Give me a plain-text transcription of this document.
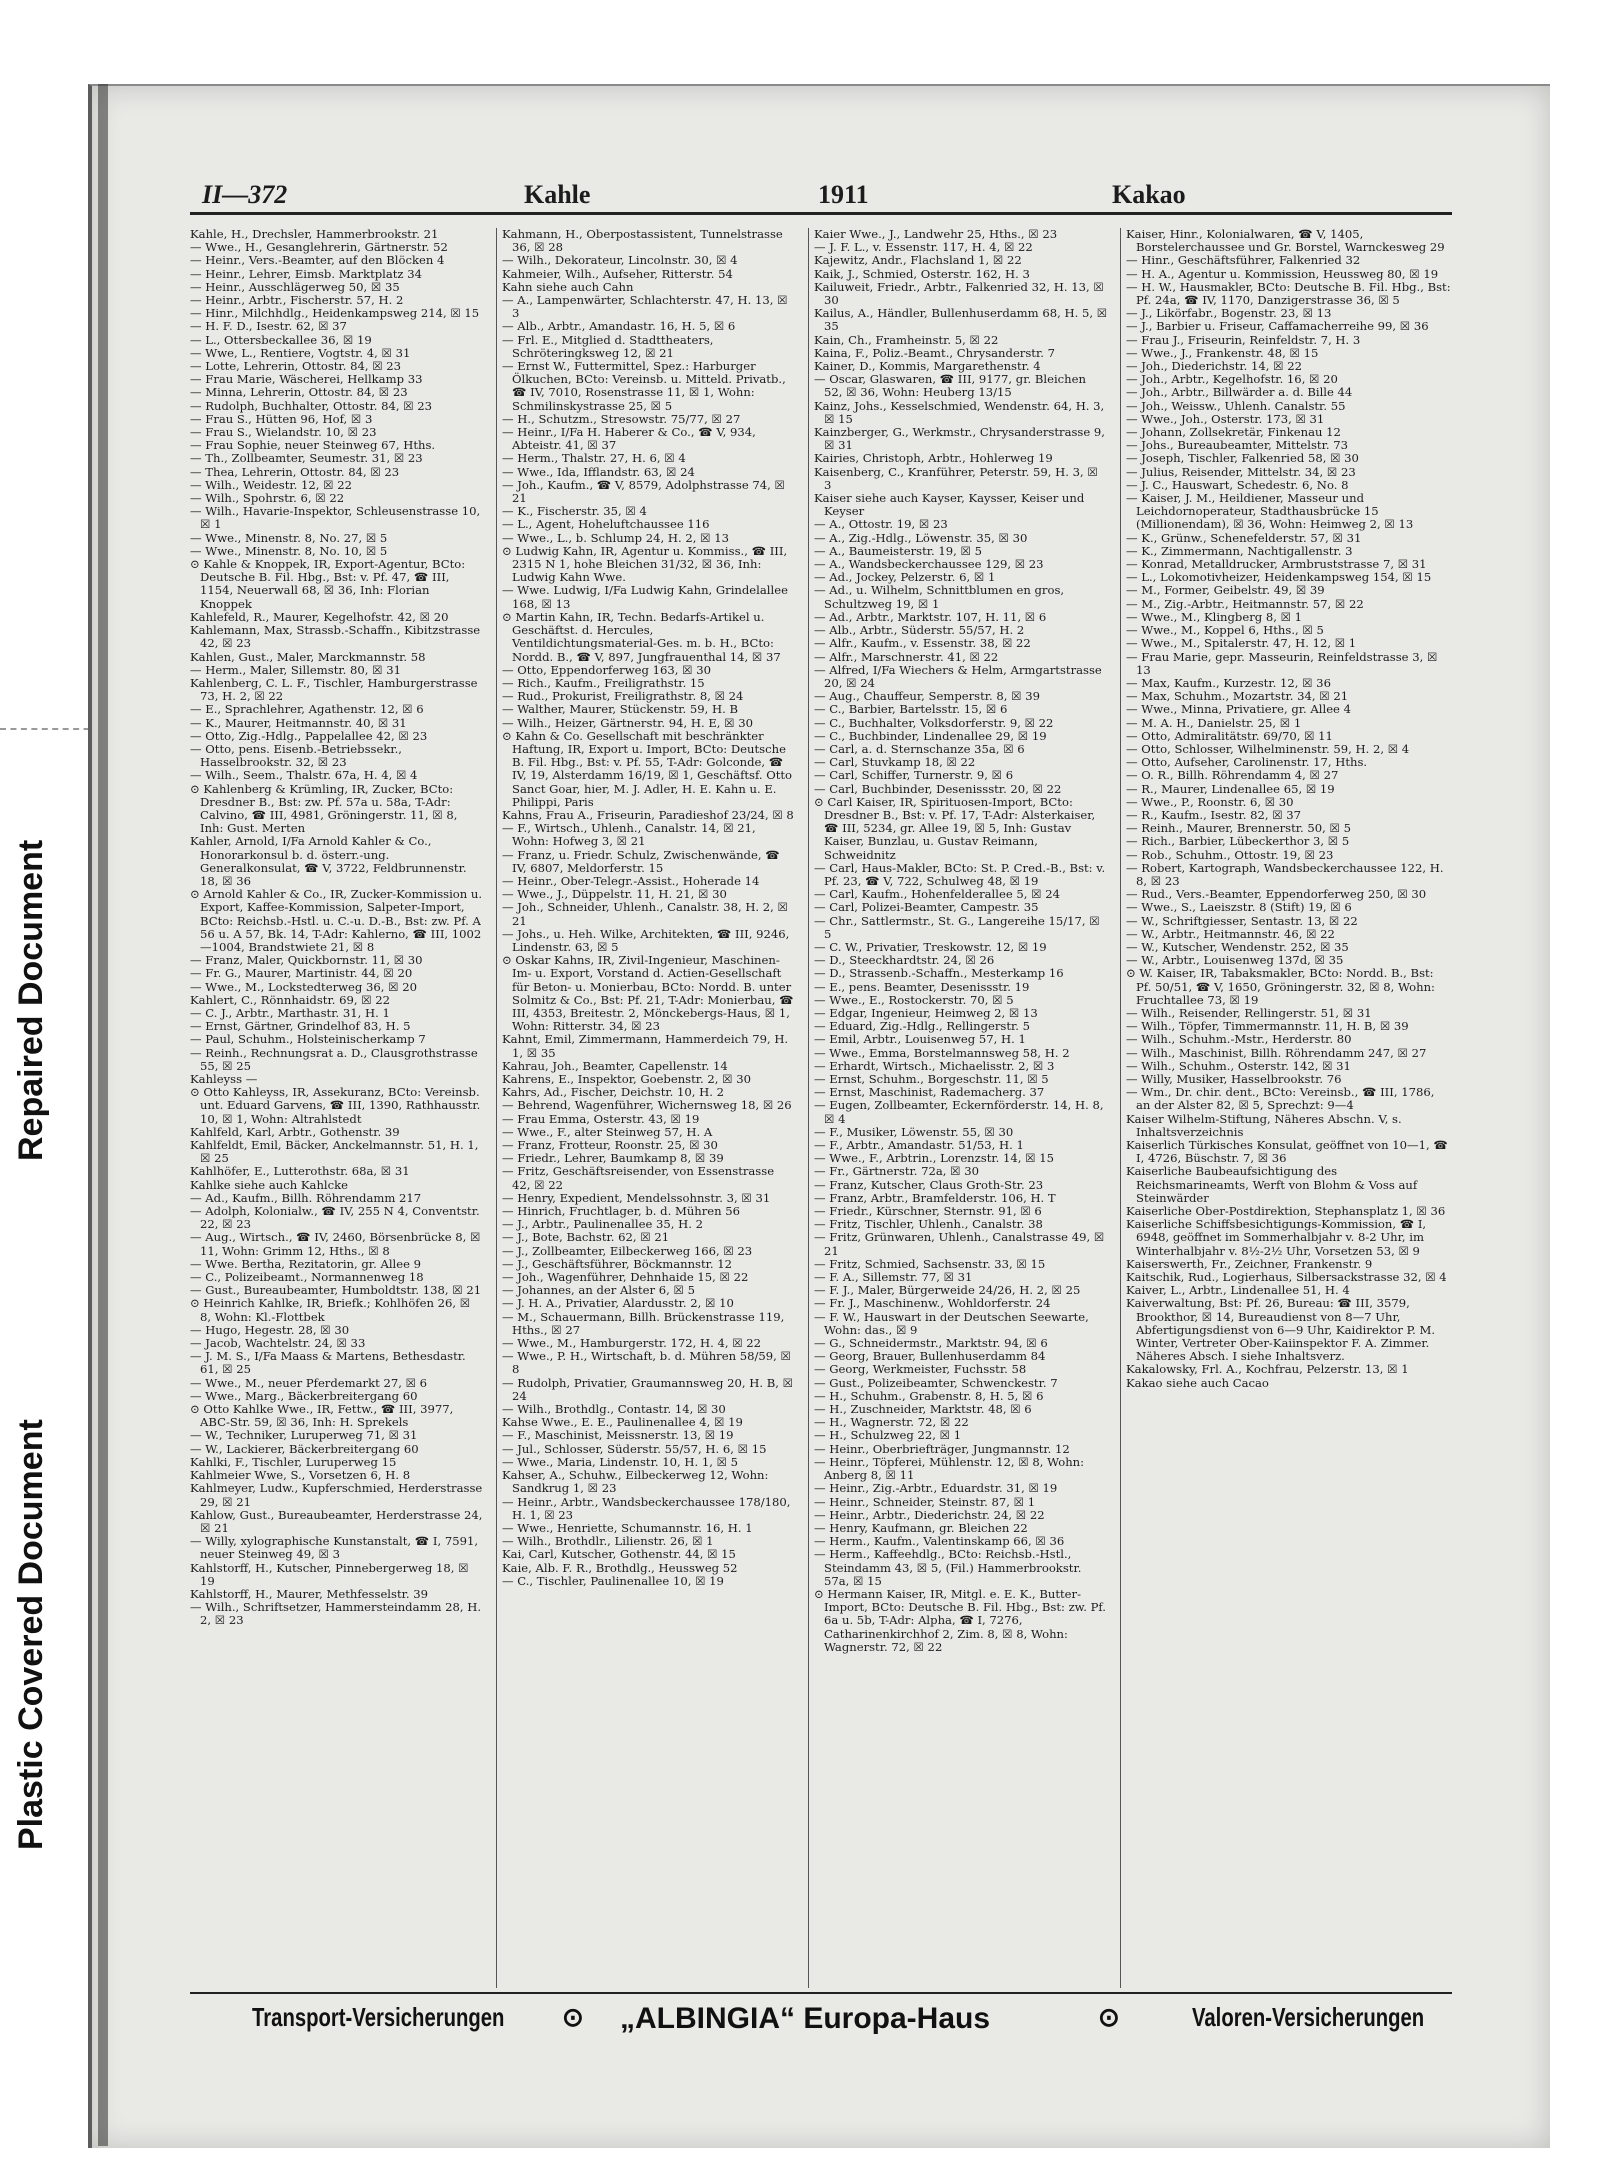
Repaired Document
Plastic Covered Document
II—372	Kahle	1911	Kakao

Kahle, H., Drechsler, Hammerbrookstr. 21

— Wwe., H., Gesanglehrerin, Gärtnerstr. 52

— Heinr., Vers.-Beamter, auf den Blöcken 4

— Heinr., Lehrer, Eimsb. Marktplatz 34

— Heinr., Ausschlägerweg 50, ☒ 35

— Heinr., Arbtr., Fischerstr. 57, H. 2

— Hinr., Milchhdlg., Heidenkampsweg 214, ☒ 15

— H. F. D., Isestr. 62, ☒ 37

— L., Ottersbeckallee 36, ☒ 19

— Wwe, L., Rentiere, Vogtstr. 4, ☒ 31

— Lotte, Lehrerin, Ottostr. 84, ☒ 23

— Frau Marie, Wäscherei, Hellkamp 33

— Minna, Lehrerin, Ottostr. 84, ☒ 23

— Rudolph, Buchhalter, Ottostr. 84, ☒ 23

— Frau S., Hütten 96, Hof, ☒ 3

— Frau S., Wielandstr. 10, ☒ 23

— Frau Sophie, neuer Steinweg 67, Hths.

— Th., Zollbeamter, Seumestr. 31, ☒ 23

— Thea, Lehrerin, Ottostr. 84, ☒ 23

— Wilh., Weidestr. 12, ☒ 22

— Wilh., Spohrstr. 6, ☒ 22

— Wilh., Havarie-Inspektor, Schleusenstrasse 10, ☒ 1

— Wwe., Minenstr. 8, No. 27, ☒ 5

— Wwe., Minenstr. 8, No. 10, ☒ 5

⊙ Kahle & Knoppek, IR, Export-Agentur, BCto: Deutsche B. Fil. Hbg., Bst: v. Pf. 47, ☎ III, 1154, Neuerwall 68, ☒ 36, Inh: Florian Knoppek

Kahlefeld, R., Maurer, Kegelhofstr. 42, ☒ 20

Kahlemann, Max, Strassb.-Schaffn., Kibitzstrasse 42, ☒ 23

Kahlen, Gust., Maler, Marckmannstr. 58

— Herm., Maler, Sillemstr. 80, ☒ 31

Kahlenberg, C. L. F., Tischler, Hamburgerstrasse 73, H. 2, ☒ 22

— E., Sprachlehrer, Agathenstr. 12, ☒ 6

— K., Maurer, Heitmannstr. 40, ☒ 31

— Otto, Zig.-Hdlg., Pappelallee 42, ☒ 23

— Otto, pens. Eisenb.-Betriebssekr., Hasselbrookstr. 32, ☒ 23

— Wilh., Seem., Thalstr. 67a, H. 4, ☒ 4

⊙ Kahlenberg & Krümling, IR, Zucker, BCto: Dresdner B., Bst: zw. Pf. 57a u. 58a, T-Adr: Calvino, ☎ III, 4981, Gröningerstr. 11, ☒ 8, Inh: Gust. Merten

Kahler, Arnold, I/Fa Arnold Kahler & Co., Honorarkonsul b. d. österr.-ung. Generalkonsulat, ☎ V, 3722, Feldbrunnenstr. 18, ☒ 36

⊙ Arnold Kahler & Co., IR, Zucker-Kommission u. Export, Kaffee-Kommission, Salpeter-Import, BCto: Reichsb.-Hstl. u. C.-u. D.-B., Bst: zw. Pf. A 56 u. A 57, Bk. 14, T-Adr: Kahlerno, ☎ III, 1002—1004, Brandstwiete 21, ☒ 8

— Franz, Maler, Quickbornstr. 11, ☒ 30

— Fr. G., Maurer, Martinistr. 44, ☒ 20

— Wwe., M., Lockstedterweg 36, ☒ 20

Kahlert, C., Rönnhaidstr. 69, ☒ 22

— C. J., Arbtr., Marthastr. 31, H. 1

— Ernst, Gärtner, Grindelhof 83, H. 5

— Paul, Schuhm., Holsteinischerkamp 7

— Reinh., Rechnungsrat a. D., Clausgrothstrasse 55, ☒ 25

Kahleyss —

⊙ Otto Kahleyss, IR, Assekuranz, BCto: Vereinsb. unt. Eduard Garvens, ☎ III, 1390, Rathhausstr. 10, ☒ 1, Wohn: Altrahlstedt

Kahlfeld, Karl, Arbtr., Gothenstr. 39

Kahlfeldt, Emil, Bäcker, Anckelmannstr. 51, H. 1, ☒ 25

Kahlhöfer, E., Lutterothstr. 68a, ☒ 31

Kahlke siehe auch Kahlcke

— Ad., Kaufm., Billh. Röhrendamm 217

— Adolph, Kolonialw., ☎ IV, 255 N 4, Conventstr. 22, ☒ 23

— Aug., Wirtsch., ☎ IV, 2460, Börsenbrücke 8, ☒ 11, Wohn: Grimm 12, Hths., ☒ 8

— Wwe. Bertha, Rezitatorin, gr. Allee 9

— C., Polizeibeamt., Normannenweg 18

— Gust., Bureaubeamter, Humboldtstr. 138, ☒ 21

⊙ Heinrich Kahlke, IR, Briefk.; Kohlhöfen 26, ☒ 8, Wohn: Kl.-Flottbek

— Hugo, Hegestr. 28, ☒ 30

— Jacob, Wachtelstr. 24, ☒ 33

— J. M. S., I/Fa Maass & Martens, Bethesdastr. 61, ☒ 25

— Wwe., M., neuer Pferdemarkt 27, ☒ 6

— Wwe., Marg., Bäckerbreitergang 60

⊙ Otto Kahlke Wwe., IR, Fettw., ☎ III, 3977, ABC-Str. 59, ☒ 36, Inh: H. Sprekels

— W., Techniker, Luruperweg 71, ☒ 31

— W., Lackierer, Bäckerbreitergang 60

Kahlki, F., Tischler, Luruperweg 15

Kahlmeier Wwe, S., Vorsetzen 6, H. 8

Kahlmeyer, Ludw., Kupferschmied, Herderstrasse 29, ☒ 21

Kahlow, Gust., Bureaubeamter, Herderstrasse 24, ☒ 21

— Willy, xylographische Kunstanstalt, ☎ I, 7591, neuer Steinweg 49, ☒ 3

Kahlstorff, H., Kutscher, Pinnebergerweg 18, ☒ 19

Kahlstorff, H., Maurer, Methfesselstr. 39

— Wilh., Schriftsetzer, Hammersteindamm 28, H. 2, ☒ 23

Kahmann, H., Oberpostassistent, Tunnelstrasse 36, ☒ 28

— Wilh., Dekorateur, Lincolnstr. 30, ☒ 4

Kahmeier, Wilh., Aufseher, Ritterstr. 54

Kahn siehe auch Cahn

— A., Lampenwärter, Schlachterstr. 47, H. 13, ☒ 3

— Alb., Arbtr., Amandastr. 16, H. 5, ☒ 6

— Frl. E., Mitglied d. Stadttheaters, Schröteringksweg 12, ☒ 21

— Ernst W., Futtermittel, Spez.: Harburger Ölkuchen, BCto: Vereinsb. u. Mitteld. Privatb., ☎ IV, 7010, Rosenstrasse 11, ☒ 1, Wohn: Schmilinskystrasse 25, ☒ 5

— H., Schutzm., Stresowstr. 75/77, ☒ 27

— Heinr., I/Fa H. Haberer & Co., ☎ V, 934, Abteistr. 41, ☒ 37

— Herm., Thalstr. 27, H. 6, ☒ 4

— Wwe., Ida, Ifflandstr. 63, ☒ 24

— Joh., Kaufm., ☎ V, 8579, Adolphstrasse 74, ☒ 21

— K., Fischerstr. 35, ☒ 4

— L., Agent, Hoheluftchaussee 116

— Wwe., L., b. Schlump 24, H. 2, ☒ 13

⊙ Ludwig Kahn, IR, Agentur u. Kommiss., ☎ III, 2315 N 1, hohe Bleichen 31/32, ☒ 36, Inh: Ludwig Kahn Wwe.

— Wwe. Ludwig, I/Fa Ludwig Kahn, Grindelallee 168, ☒ 13

⊙ Martin Kahn, IR, Techn. Bedarfs-Artikel u. Geschäftst. d. Hercules, Ventildichtungsmaterial-Ges. m. b. H., BCto: Nordd. B., ☎ V, 897, Jungfrauenthal 14, ☒ 37

— Otto, Eppendorferweg 163, ☒ 30

— Rich., Kaufm., Freiligrathstr. 15

— Rud., Prokurist, Freiligrathstr. 8, ☒ 24

— Walther, Maurer, Stückenstr. 59, H. B

— Wilh., Heizer, Gärtnerstr. 94, H. E, ☒ 30

⊙ Kahn & Co. Gesellschaft mit beschränkter Haftung, IR, Export u. Import, BCto: Deutsche B. Fil. Hbg., Bst: v. Pf. 55, T-Adr: Golconde, ☎ IV, 19, Alsterdamm 16/19, ☒ 1, Geschäftsf. Otto Sanct Goar, hier, M. J. Adler, H. E. Kahn u. E. Philippi, Paris

Kahns, Frau A., Friseurin, Paradieshof 23/24, ☒ 8

— F., Wirtsch., Uhlenh., Canalstr. 14, ☒ 21, Wohn: Hofweg 3, ☒ 21

— Franz, u. Friedr. Schulz, Zwischenwände, ☎ IV, 6807, Meldorferstr. 15

— Heinr., Ober-Telegr.-Assist., Hoherade 14

— Wwe., J., Düppelstr. 11, H. 21, ☒ 30

— Joh., Schneider, Uhlenh., Canalstr. 38, H. 2, ☒ 21

— Johs., u. Heh. Wilke, Architekten, ☎ III, 9246, Lindenstr. 63, ☒ 5

⊙ Oskar Kahns, IR, Zivil-Ingenieur, Maschinen-Im- u. Export, Vorstand d. Actien-Gesellschaft für Beton- u. Monierbau, BCto: Nordd. B. unter Solmitz & Co., Bst: Pf. 21, T-Adr: Monierbau, ☎ III, 4353, Breitestr. 2, Mönckebergs-Haus, ☒ 1, Wohn: Ritterstr. 34, ☒ 23

Kahnt, Emil, Zimmermann, Hammerdeich 79, H. 1, ☒ 35

Kahrau, Joh., Beamter, Capellenstr. 14

Kahrens, E., Inspektor, Goebenstr. 2, ☒ 30

Kahrs, Ad., Fischer, Deichstr. 10, H. 2

— Behrend, Wagenführer, Wichernsweg 18, ☒ 26

— Frau Emma, Osterstr. 43, ☒ 19

— Wwe., F., alter Steinweg 57, H. A

— Franz, Frotteur, Roonstr. 25, ☒ 30

— Friedr., Lehrer, Baumkamp 8, ☒ 39

— Fritz, Geschäftsreisender, von Essenstrasse 42, ☒ 22

— Henry, Expedient, Mendelssohnstr. 3, ☒ 31

— Hinrich, Fruchtlager, b. d. Mühren 56

— J., Arbtr., Paulinenallee 35, H. 2

— J., Bote, Bachstr. 62, ☒ 21

— J., Zollbeamter, Eilbeckerweg 166, ☒ 23

— J., Geschäftsführer, Böckmannstr. 12

— Joh., Wagenführer, Dehnhaide 15, ☒ 22

— Johannes, an der Alster 6, ☒ 5

— J. H. A., Privatier, Alardusstr. 2, ☒ 10

— M., Schauermann, Billh. Brückenstrasse 119, Hths., ☒ 27

— Wwe., M., Hamburgerstr. 172, H. 4, ☒ 22

— Wwe., P. H., Wirtschaft, b. d. Mühren 58/59, ☒ 8

— Rudolph, Privatier, Graumannsweg 20, H. B, ☒ 24

— Wilh., Brothdlg., Contastr. 14, ☒ 30

Kahse Wwe., E. E., Paulinenallee 4, ☒ 19

— F., Maschinist, Meissnerstr. 13, ☒ 19

— Jul., Schlosser, Süderstr. 55/57, H. 6, ☒ 15

— Wwe., Maria, Lindenstr. 10, H. 1, ☒ 5

Kahser, A., Schuhw., Eilbeckerweg 12, Wohn: Sandkrug 1, ☒ 23

— Heinr., Arbtr., Wandsbeckerchaussee 178/180, H. 1, ☒ 23

— Wwe., Henriette, Schumannstr. 16, H. 1

— Wilh., Brothdlr., Lilienstr. 26, ☒ 1

Kai, Carl, Kutscher, Gothenstr. 44, ☒ 15

Kaie, Alb. F. R., Brothdlg., Heussweg 52

— C., Tischler, Paulinenallee 10, ☒ 19

Kaier Wwe., J., Landwehr 25, Hths., ☒ 23

— J. F. L., v. Essenstr. 117, H. 4, ☒ 22

Kajewitz, Andr., Flachsland 1, ☒ 22

Kaik, J., Schmied, Osterstr. 162, H. 3

Kailuweit, Friedr., Arbtr., Falkenried 32, H. 13, ☒ 30

Kailus, A., Händler, Bullenhuserdamm 68, H. 5, ☒ 35

Kain, Ch., Framheinstr. 5, ☒ 22

Kaina, F., Poliz.-Beamt., Chrysanderstr. 7

Kainer, D., Kommis, Margarethenstr. 4

— Oscar, Glaswaren, ☎ III, 9177, gr. Bleichen 52, ☒ 36, Wohn: Heuberg 13/15

Kainz, Johs., Kesselschmied, Wendenstr. 64, H. 3, ☒ 15

Kainzberger, G., Werkmstr., Chrysanderstrasse 9, ☒ 31

Kairies, Christoph, Arbtr., Hohlerweg 19

Kaisenberg, C., Kranführer, Peterstr. 59, H. 3, ☒ 3

Kaiser siehe auch Kayser, Kaysser, Keiser und Keyser

— A., Ottostr. 19, ☒ 23

— A., Zig.-Hdlg., Löwenstr. 35, ☒ 30

— A., Baumeisterstr. 19, ☒ 5

— A., Wandsbeckerchaussee 129, ☒ 23

— Ad., Jockey, Pelzerstr. 6, ☒ 1

— Ad., u. Wilhelm, Schnittblumen en gros, Schultzweg 19, ☒ 1

— Ad., Arbtr., Marktstr. 107, H. 11, ☒ 6

— Alb., Arbtr., Süderstr. 55/57, H. 2

— Alfr., Kaufm., v. Essenstr. 38, ☒ 22

— Alfr., Marschnerstr. 41, ☒ 22

— Alfred, I/Fa Wiechers & Helm, Armgartstrasse 20, ☒ 24

— Aug., Chauffeur, Semperstr. 8, ☒ 39

— C., Barbier, Bartelsstr. 15, ☒ 6

— C., Buchhalter, Volksdorferstr. 9, ☒ 22

— C., Buchbinder, Lindenallee 29, ☒ 19

— Carl, a. d. Sternschanze 35a, ☒ 6

— Carl, Stuvkamp 18, ☒ 22

— Carl, Schiffer, Turnerstr. 9, ☒ 6

— Carl, Buchbinder, Desenissstr. 20, ☒ 22

⊙ Carl Kaiser, IR, Spirituosen-Import, BCto: Dresdner B., Bst: v. Pf. 17, T-Adr: Alsterkaiser, ☎ III, 5234, gr. Allee 19, ☒ 5, Inh: Gustav Kaiser, Bunzlau, u. Gustav Reimann, Schweidnitz

— Carl, Haus-Makler, BCto: St. P. Cred.-B., Bst: v. Pf. 23, ☎ V, 722, Schulweg 48, ☒ 19

— Carl, Kaufm., Hohenfelderallee 5, ☒ 24

— Carl, Polizei-Beamter, Campestr. 35

— Chr., Sattlermstr., St. G., Langereihe 15/17, ☒ 5

— C. W., Privatier, Treskowstr. 12, ☒ 19

— D., Steeckhardtstr. 24, ☒ 26

— D., Strassenb.-Schaffn., Mesterkamp 16

— E., pens. Beamter, Desenissstr. 19

— Wwe., E., Rostockerstr. 70, ☒ 5

— Edgar, Ingenieur, Heimweg 2, ☒ 13

— Eduard, Zig.-Hdlg., Rellingerstr. 5

— Emil, Arbtr., Louisenweg 57, H. 1

— Wwe., Emma, Borstelmannsweg 58, H. 2

— Erhardt, Wirtsch., Michaelisstr. 2, ☒ 3

— Ernst, Schuhm., Borgeschstr. 11, ☒ 5

— Ernst, Maschinist, Rademacherg. 37

— Eugen, Zollbeamter, Eckernförderstr. 14, H. 8, ☒ 4

— F., Musiker, Löwenstr. 55, ☒ 30

— F., Arbtr., Amandastr. 51/53, H. 1

— Wwe., F., Arbtrin., Lorenzstr. 14, ☒ 15

— Fr., Gärtnerstr. 72a, ☒ 30

— Franz, Kutscher, Claus Groth-Str. 23

— Franz, Arbtr., Bramfelderstr. 106, H. T

— Friedr., Kürschner, Sternstr. 91, ☒ 6

— Fritz, Tischler, Uhlenh., Canalstr. 38

— Fritz, Grünwaren, Uhlenh., Canalstrasse 49, ☒ 21

— Fritz, Schmied, Sachsenstr. 33, ☒ 15

— F. A., Sillemstr. 77, ☒ 31

— F. J., Maler, Bürgerweide 24/26, H. 2, ☒ 25

— Fr. J., Maschinenw., Wohldorferstr. 24

— F. W., Hauswart in der Deutschen Seewarte, Wohn: das., ☒ 9

— G., Schneidermstr., Marktstr. 94, ☒ 6

— Georg, Brauer, Bullenhuserdamm 84

— Georg, Werkmeister, Fuchsstr. 58

— Gust., Polizeibeamter, Schwenckestr. 7

— H., Schuhm., Grabenstr. 8, H. 5, ☒ 6

— H., Zuschneider, Marktstr. 48, ☒ 6

— H., Wagnerstr. 72, ☒ 22

— H., Schulzweg 22, ☒ 1

— Heinr., Oberbriefträger, Jungmannstr. 12

— Heinr., Töpferei, Mühlenstr. 12, ☒ 8, Wohn: Anberg 8, ☒ 11

— Heinr., Zig.-Arbtr., Eduardstr. 31, ☒ 19

— Heinr., Schneider, Steinstr. 87, ☒ 1

— Heinr., Arbtr., Diederichstr. 24, ☒ 22

— Henry, Kaufmann, gr. Bleichen 22

— Herm., Kaufm., Valentinskamp 66, ☒ 36

— Herm., Kaffeehdlg., BCto: Reichsb.-Hstl., Steindamm 43, ☒ 5, (Fil.) Hammerbrookstr. 57a, ☒ 15

⊙ Hermann Kaiser, IR, Mitgl. e. E. K., Butter-Import, BCto: Deutsche B. Fil. Hbg., Bst: zw. Pf. 6a u. 5b, T-Adr: Alpha, ☎ I, 7276, Catharinenkirchhof 2, Zim. 8, ☒ 8, Wohn: Wagnerstr. 72, ☒ 22

Kaiser, Hinr., Kolonialwaren, ☎ V, 1405, Borstelerchaussee und Gr. Borstel, Warnckesweg 29

— Hinr., Geschäftsführer, Falkenried 32

— H. A., Agentur u. Kommission, Heussweg 80, ☒ 19

— H. W., Hausmakler, BCto: Deutsche B. Fil. Hbg., Bst: Pf. 24a, ☎ IV, 1170, Danzigerstrasse 36, ☒ 5

— J., Likörfabr., Bogenstr. 23, ☒ 13

— J., Barbier u. Friseur, Caffamacherreihe 99, ☒ 36

— Frau J., Friseurin, Reinfeldstr. 7, H. 3

— Wwe., J., Frankenstr. 48, ☒ 15

— Joh., Diederichstr. 14, ☒ 22

— Joh., Arbtr., Kegelhofstr. 16, ☒ 20

— Joh., Arbtr., Billwärder a. d. Bille 44

— Joh., Weissw., Uhlenh. Canalstr. 55

— Wwe., Joh., Osterstr. 173, ☒ 31

— Johann, Zollsekretär, Finkenau 12

— Johs., Bureaubeamter, Mittelstr. 73

— Joseph, Tischler, Falkenried 58, ☒ 30

— Julius, Reisender, Mittelstr. 34, ☒ 23

— J. C., Hauswart, Schedestr. 6, No. 8

— Kaiser, J. M., Heildiener, Masseur und Leichdornoperateur, Stadthausbrücke 15 (Millionendam), ☒ 36, Wohn: Heimweg 2, ☒ 13

— K., Grünw., Schenefelderstr. 57, ☒ 31

— K., Zimmermann, Nachtigallenstr. 3

— Konrad, Metalldrucker, Armbruststrasse 7, ☒ 31

— L., Lokomotivheizer, Heidenkampsweg 154, ☒ 15

— M., Former, Geibelstr. 49, ☒ 39

— M., Zig.-Arbtr., Heitmannstr. 57, ☒ 22

— Wwe., M., Klingberg 8, ☒ 1

— Wwe., M., Koppel 6, Hths., ☒ 5

— Wwe., M., Spitalerstr. 47, H. 12, ☒ 1

— Frau Marie, gepr. Masseurin, Reinfeldstrasse 3, ☒ 13

— Max, Kaufm., Kurzestr. 12, ☒ 36

— Max, Schuhm., Mozartstr. 34, ☒ 21

— Wwe., Minna, Privatiere, gr. Allee 4

— M. A. H., Danielstr. 25, ☒ 1

— Otto, Admiralitätstr. 69/70, ☒ 11

— Otto, Schlosser, Wilhelminenstr. 59, H. 2, ☒ 4

— Otto, Aufseher, Carolinenstr. 17, Hths.

— O. R., Billh. Röhrendamm 4, ☒ 27

— R., Maurer, Lindenallee 65, ☒ 19

— Wwe., P., Roonstr. 6, ☒ 30

— R., Kaufm., Isestr. 82, ☒ 37

— Reinh., Maurer, Brennerstr. 50, ☒ 5

— Rich., Barbier, Lübeckerthor 3, ☒ 5

— Rob., Schuhm., Ottostr. 19, ☒ 23

— Robert, Kartograph, Wandsbeckerchaussee 122, H. 8, ☒ 23

— Rud., Vers.-Beamter, Eppendorferweg 250, ☒ 30

— Wwe., S., Laeiszstr. 8 (Stift) 19, ☒ 6

— W., Schriftgiesser, Sentastr. 13, ☒ 22

— W., Arbtr., Heitmannstr. 46, ☒ 22

— W., Kutscher, Wendenstr. 252, ☒ 35

— W., Arbtr., Louisenweg 137d, ☒ 35

⊙ W. Kaiser, IR, Tabaksmakler, BCto: Nordd. B., Bst: Pf. 50/51, ☎ V, 1650, Gröningerstr. 32, ☒ 8, Wohn: Fruchtallee 73, ☒ 19

— Wilh., Reisender, Rellingerstr. 51, ☒ 31

— Wilh., Töpfer, Timmermannstr. 11, H. B, ☒ 39

— Wilh., Schuhm.-Mstr., Herderstr. 80

— Wilh., Maschinist, Billh. Röhrendamm 247, ☒ 27

— Wilh., Schuhm., Osterstr. 142, ☒ 31

— Willy, Musiker, Hasselbrookstr. 76

— Wm., Dr. chir. dent., BCto: Vereinsb., ☎ III, 1786, an der Alster 82, ☒ 5, Sprechzt: 9—4

Kaiser Wilhelm-Stiftung, Näheres Abschn. V, s. Inhaltsverzeichnis

Kaiserlich Türkisches Konsulat, geöffnet von 10—1, ☎ I, 4726, Büschstr. 7, ☒ 36

Kaiserliche Baubeaufsichtigung des Reichsmarineamts, Werft von Blohm & Voss auf Steinwärder

Kaiserliche Ober-Postdirektion, Stephansplatz 1, ☒ 36

Kaiserliche Schiffsbesichtigungs-Kommission, ☎ I, 6948, geöffnet im Sommerhalbjahr v. 8-2 Uhr, im Winterhalbjahr v. 8½-2½ Uhr, Vorsetzen 53, ☒ 9

Kaiserswerth, Fr., Zeichner, Frankenstr. 9

Kaitschik, Rud., Logierhaus, Silbersackstrasse 32, ☒ 4

Kaiver, L., Arbtr., Lindenallee 51, H. 4

Kaiverwaltung, Bst: Pf. 26, Bureau: ☎ III, 3579, Brookthor, ☒ 14, Bureaudienst von 8—7 Uhr, Abfertigungsdienst von 6—9 Uhr, Kaidirektor P. M. Winter, Vertreter Ober-Kaiinspektor F. A. Zimmer. Näheres Absch. I siehe Inhaltsverz.

Kakalowsky, Frl. A., Kochfrau, Pelzerstr. 13, ☒ 1

Kakao siehe auch Cacao

Transport-Versicherungen ⊙ „ALBINGIA“ Europa-Haus	⊙	Valoren-Versicherungen
